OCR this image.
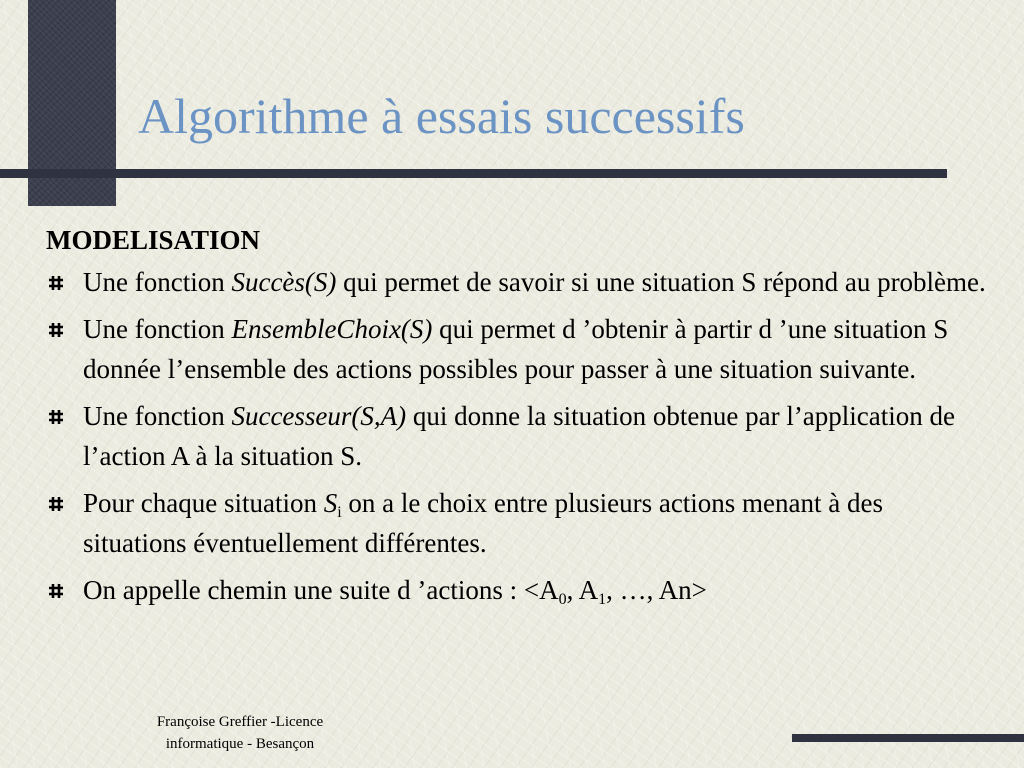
Algorithme à essais successifs
MODELISATION
Une fonction Succès(S) qui permet de savoir si une situation S répond au problème.
Une fonction EnsembleChoix(S) qui permet d ’obtenir à partir d ’une situation S donnée l’ensemble des actions possibles pour passer à une situation suivante.
Une fonction Successeur(S,A) qui donne la situation obtenue par l’application de l’action A à la situation S.
Pour chaque situation $S_i$ on a le choix entre plusieurs actions menant à des situations éventuellement différentes.
On appelle chemin une suite d ’actions : $<A_0$, $A_1$, …, An>
Françoise Greffier -Licence
informatique - Besançon
